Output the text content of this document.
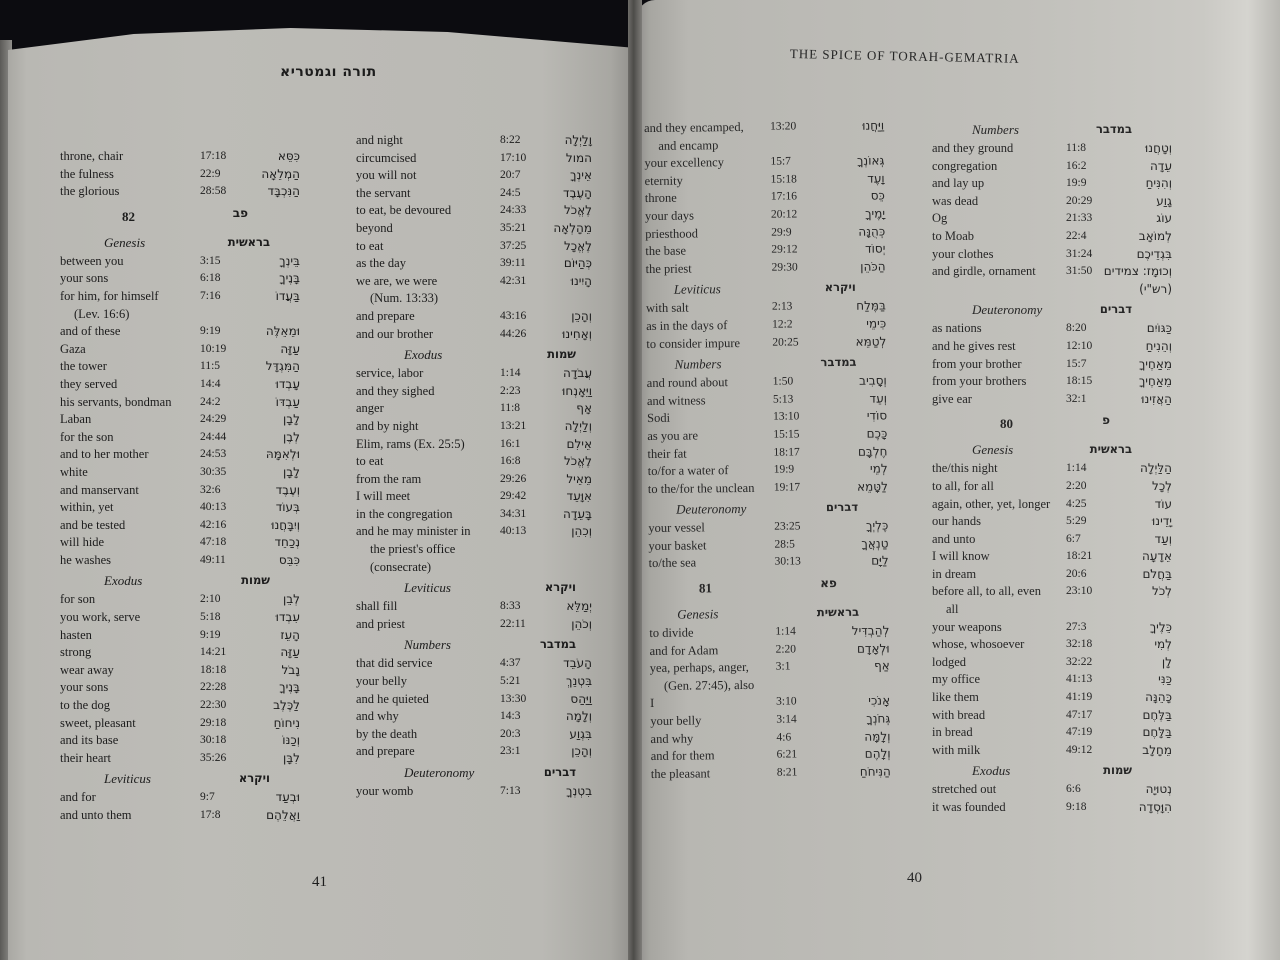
תורה וגמטריא
THE SPICE OF TORAH-GEMATRIA
throne, chair	17:18	כִּסֵּא
the fulness	22:9	הַמְלֵאָה
the glorious	28:58	הַנִּכְבָּד
82	פב
Genesis	בראשית
between you	3:15	בֵּינְךָ
your sons	6:18	בָּנֶיךָ
for him, for himself	7:16	בַּעֲדוֹ
(Lev. 16:6)
and of these	9:19	וּמֵאֵלֶּה
Gaza	10:19	עַזָּה
the tower	11:5	הַמִּגְדָּל
they served	14:4	עָבְדוּ
his servants, bondman 24:2	עַבְדּוֹ
Laban	24:29	לָבָן
for the son	24:44	לְבֶן
and to her mother	24:53	וּלְאִמָּהּ
white	30:35	לָבָן
and manservant	32:6	וְעֶבֶד
within, yet	40:13	בְּעוֹד
and be tested	42:16	וְיִבָּחֲנוּ
will hide	47:18	נְכַחֵד
he washes	49:11	כִּבֵּס
Exodus	שמות
for son	2:10	לְבֵן
you work, serve	5:18	עִבְדוּ
hasten	9:19	הָעֵז
strong	14:21	עַזָּה
wear away	18:18	נָבֹל
your sons	22:28	בָּנֶיךָ
to the dog	22:30	לַכֶּלֶב
sweet, pleasant	29:18	נִיחוֹחַ
and its base	30:18	וְכַנּוֹ
their heart	35:26	לִבָּן
Leviticus	ויקרא
and for	9:7	וּבְעַד
and unto them	17:8	וַאֲלֵהֶם
and night	8:22	וָלַיְלָה
circumcised	17:10	המול
you will not	20:7	אֵינְךָ
the servant	24:5	הָעֶבֶד
to eat, be devoured	24:33	לֶאֱכֹל
beyond	35:21 מֵהָלְאָה
to eat	37:25	לֶאֱכָל
as the day	39:11	כְּהַיּוֹם
we are, we were	42:31	הָיִינוּ
(Num. 13:33)
and prepare	43:16	וְהָכֵן
and our brother	44:26	וְאָחִינוּ
Exodus	שמות
service, labor	1:14	עֲבֹדָה
and they sighed	2:23	וַיֵּאָנְחוּ
anger	11:8	אָף
and by night	13:21	וְלַיְלָה
Elim, rams (Ex. 25:5)	16:1	אֵילִם
to eat	16:8	לֶאֱכֹל
from the ram	29:26	מֵאֵיל
I will meet	29:42	אִוָּעֵד
in the congregation	34:31	בָּעֵדָה
and he may minister in	40:13	וְכִהֵן
the priest's office
(consecrate)
Leviticus	ויקרא
shall fill	8:33	יְמַלֵּא
and priest	22:11	וְכֹהֵן
Numbers	במדבר
that did service	4:37	הָעֹבֵד
your belly	5:21	בִּטְנֵךְ
and he quieted	13:30	וַיַּהַס
and why	14:3	וְלָמָה
by the death	20:3	בִּגְוַע
and prepare	23:1	וְהָכֵן
Deuteronomy	דברים
your womb	7:13	בִטְנְךָ
and they encamped, 13:20	וַיַּחֲנוּ
and encamp
your excellency	15:7	גְּאוֹנְךָ
eternity	15:18	וָעֶד
throne	17:16	כֵּס
your days	20:12	יָמֶיךָ
priesthood	29:9	כְּהֻנָּה
the base	29:12	יְסוֹד
the priest	29:30	הַכֹּהֵן
Leviticus	ויקרא
with salt	2:13	בַּמֶּלַח
as in the days of	12:2	כִּימֵי
to consider impure	20:25	לְטַמֵּא
Numbers	במדבר
and round about	1:50	וְסָבִיב
and witness	5:13	וְעֵד
Sodi	13:10	סוֹדִי
as you are	15:15	כָּכֶם
their fat	18:17	חֶלְבָּם
to/for a water of	19:9	לְמֵי
to the/for the unclean 19:17	לַטָּמֵא
Deuteronomy	דברים
your vessel	23:25	כֶּלְיְךָ
your basket	28:5	טַנְאֲךָ
to/the sea	30:13	לַיָּם
81	פא
Genesis	בראשית
to divide	1:14	לְהַבְדִּיל
and for Adam	2:20	וּלְאָדָם
yea, perhaps, anger, 3:1	אַף
(Gen. 27:45), also
I	3:10	אָנֹכִי
your belly	3:14	גְּחֹנְךָ
and why	4:6	וְלָמָּה
and for them	6:21	וְלָהֶם
the pleasant	8:21	הַנִּיחֹחַ
Numbers	במדבר
and they ground	11:8	וְטָחֲנוּ
congregation	16:2	עֵדָה
and lay up	19:9	וְהִנִּיחַ
was dead	20:29	גָוַע
Og	21:33	עוֹג
to Moab	22:4	לְמוֹאָב
your clothes	31:24	בִּגְדֵיכֶם
and girdle, ornament	31:50 וְכוּמָז: צמידים
(רש"י)
Deuteronomy	דברים
as nations	8:20	כַּגּוֹיִם
and he gives rest	12:10	וְהֵנִיחַ
from your brother	15:7	מֵאַחֶיךָ
from your brothers	18:15	מֵאַחֶיךָ
give ear	32:1	הַאֲזִינוּ
80	פ
Genesis	בראשית
the/this night	1:14	הַלַּיְלָה
to all, for all	2:20	לְכָל
again, other, yet, longer 4:25	עוֹד
our hands	5:29	יָדֵינוּ
and unto	6:7	וְעַד
I will know	18:21	אֵדָעָה
in dream	20:6	בַּחֲלֹם
before all, to all, even 23:10	לְכֹל
all
your weapons	27:3	כֵּלֶיךָ
whose, whosoever	32:18	לְמִי
lodged	32:22	לָן
my office	41:13	כַּנִּי
like them	41:19	כָּהֵנָּה
with bread	47:17	בַּלֶּחֶם
in bread	47:19	בַּלָּחֶם
with milk	49:12	מֵחָלָב
Exodus	שמות
stretched out	6:6	נְטוּיָה
it was founded	9:18	הִוָּסְדָה
41	40
